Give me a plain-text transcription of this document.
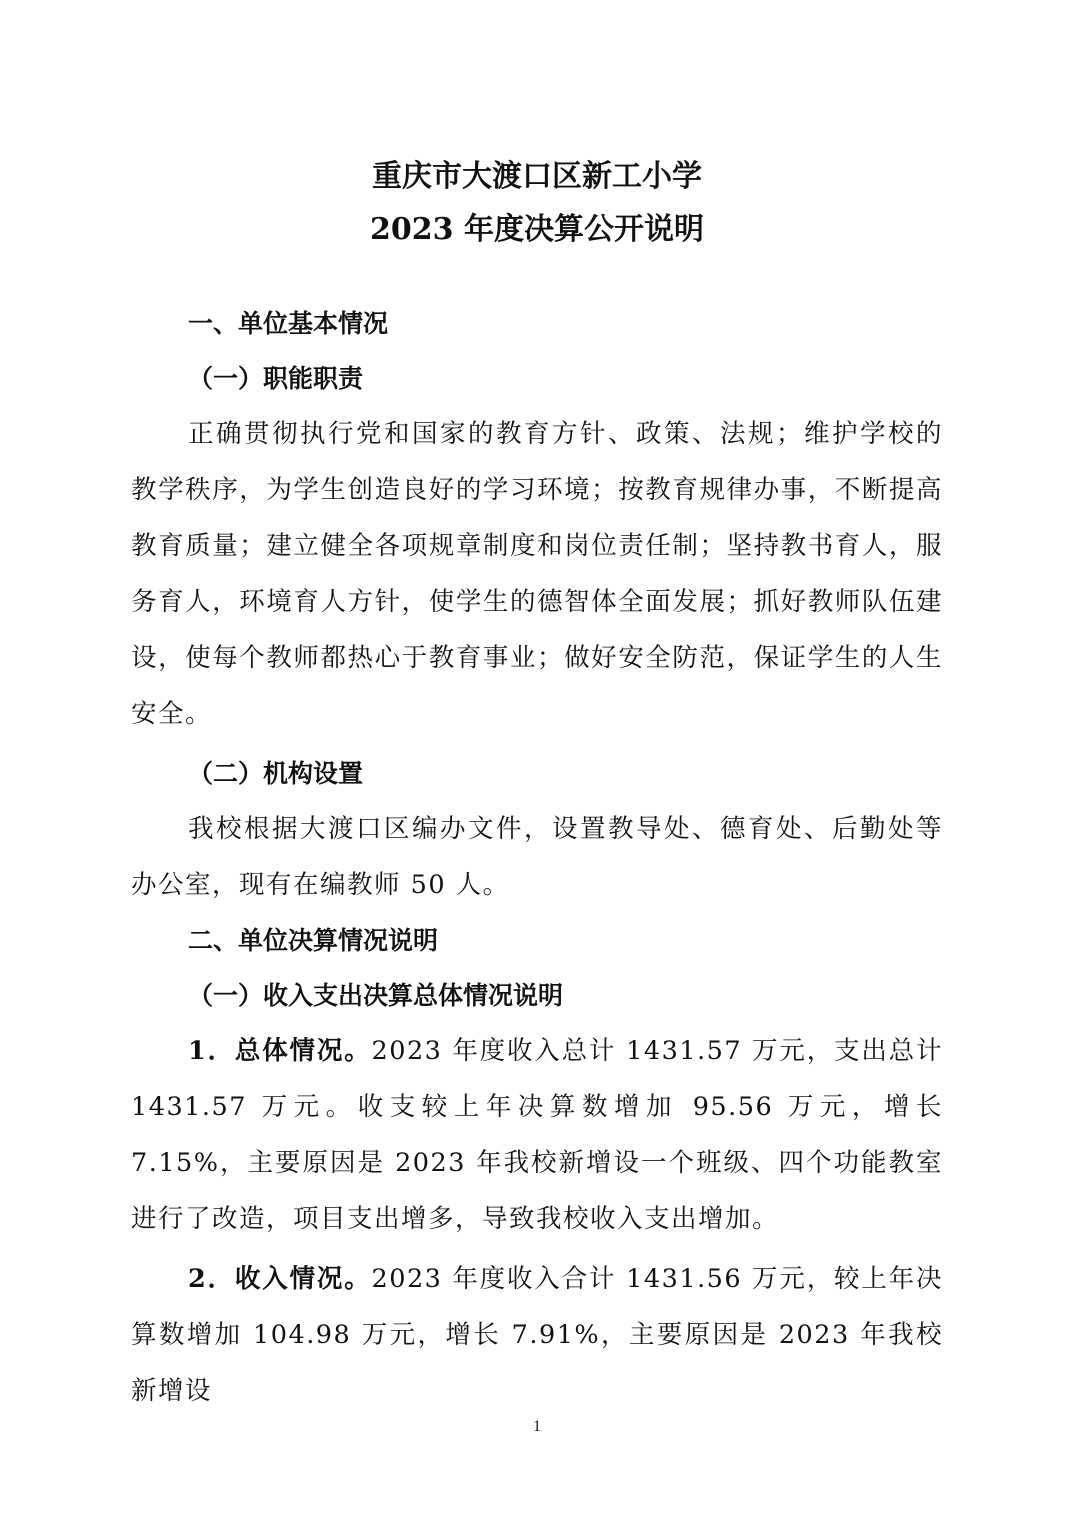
重庆市大渡口区新工小学
2023 年度决算公开说明
一、单位基本情况
（一）职能职责
正确贯彻执行党和国家的教育方针、政策、法规；维护学校的教学秩序，为学生创造良好的学习环境；按教育规律办事，不断提高教育质量；建立健全各项规章制度和岗位责任制；坚持教书育人，服务育人，环境育人方针，使学生的德智体全面发展；抓好教师队伍建设，使每个教师都热心于教育事业；做好安全防范，保证学生的人生安全。
（二）机构设置
我校根据大渡口区编办文件，设置教导处、德育处、后勤处等办公室，现有在编教师 50 人。
二、单位决算情况说明
（一）收入支出决算总体情况说明
1．总体情况。2023 年度收入总计 1431.57 万元，支出总计 1431.57 万元。收支较上年决算数增加 95.56 万元，增长 7.15%，主要原因是 2023 年我校新增设一个班级、四个功能教室进行了改造，项目支出增多，导致我校收入支出增加。
2．收入情况。2023 年度收入合计 1431.56 万元，较上年决算数增加 104.98 万元，增长 7.91%，主要原因是 2023 年我校新增设
1
